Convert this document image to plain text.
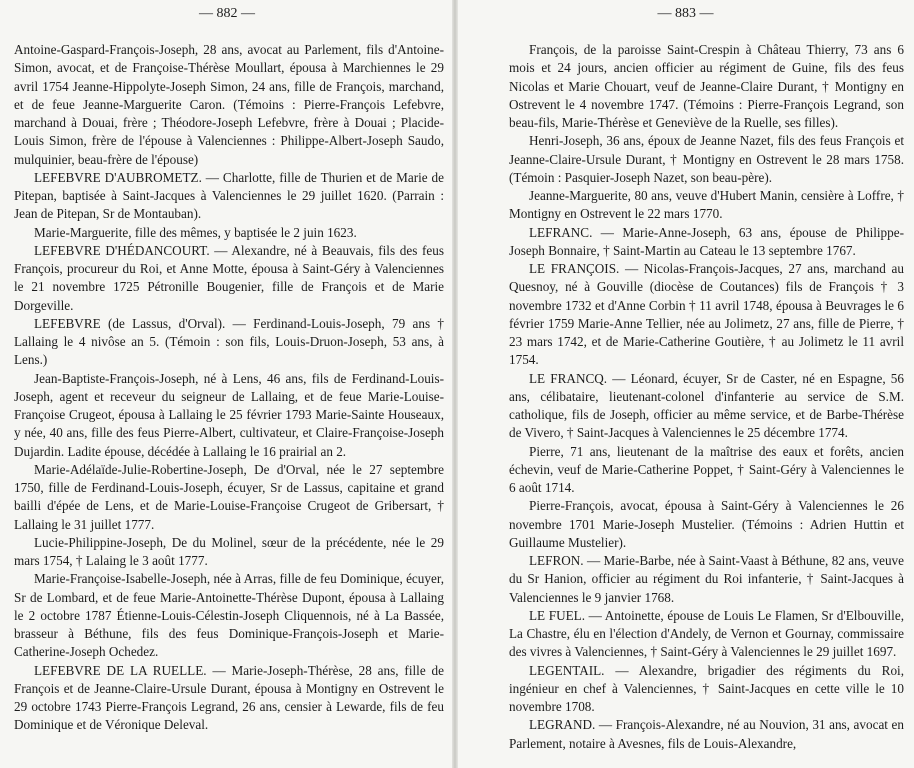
— 882 —

Antoine-Gaspard-François-Joseph, 28 ans, avocat au Parlement, fils d'Antoine-Simon, avocat, et de Françoise-Thérèse Moullart, épousa à Marchiennes le 29 avril 1754 Jeanne-Hippolyte-Joseph Simon, 24 ans, fille de François, marchand, et de feue Jeanne-Marguerite Caron. (Témoins : Pierre-François Lefebvre, marchand à Douai, frère ; Théodore-Joseph Lefebvre, frère à Douai ; Placide-Louis Simon, frère de l'épouse à Valenciennes : Philippe-Albert-Joseph Saudo, mulquinier, beau-frère de l'épouse)

LEFEBVRE D'AUBROMETZ. — Charlotte, fille de Thurien et de Marie de Pitepan, baptisée à Saint-Jacques à Valenciennes le 29 juillet 1620. (Parrain : Jean de Pitepan, Sr de Montauban).

Marie-Marguerite, fille des mêmes, y baptisée le 2 juin 1623.

LEFEBVRE D'HÉDANCOURT. — Alexandre, né à Beauvais, fils des feus François, procureur du Roi, et Anne Motte, épousa à Saint-Géry à Valenciennes le 21 novembre 1725 Pétronille Bougenier, fille de François et de Marie Dorgeville.

LEFEBVRE (de Lassus, d'Orval). — Ferdinand-Louis-Joseph, 79 ans † Lallaing le 4 nivôse an 5. (Témoin : son fils, Louis-Druon-Joseph, 53 ans, à Lens.)

Jean-Baptiste-François-Joseph, né à Lens, 46 ans, fils de Ferdinand-Louis-Joseph, agent et receveur du seigneur de Lallaing, et de feue Marie-Louise-Françoise Crugeot, épousa à Lallaing le 25 février 1793 Marie-Sainte Houseaux, y née, 40 ans, fille des feus Pierre-Albert, cultivateur, et Claire-Françoise-Joseph Dujardin. Ladite épouse, décédée à Lallaing le 16 prairial an 2.

Marie-Adélaïde-Julie-Robertine-Joseph, De d'Orval, née le 27 septembre 1750, fille de Ferdinand-Louis-Joseph, écuyer, Sr de Lassus, capitaine et grand bailli d'épée de Lens, et de Marie-Louise-Françoise Crugeot de Gribersart, † Lallaing le 31 juillet 1777.

Lucie-Philippine-Joseph, De du Molinel, sœur de la précédente, née le 29 mars 1754, † Lalaing le 3 août 1777.

Marie-Françoise-Isabelle-Joseph, née à Arras, fille de feu Dominique, écuyer, Sr de Lombard, et de feue Marie-Antoinette-Thérèse Dupont, épousa à Lallaing le 2 octobre 1787 Étienne-Louis-Célestin-Joseph Cliquennois, né à La Bassée, brasseur à Béthune, fils des feus Dominique-François-Joseph et Marie-Catherine-Joseph Ochedez.

LEFEBVRE DE LA RUELLE. — Marie-Joseph-Thérèse, 28 ans, fille de François et de Jeanne-Claire-Ursule Durant, épousa à Montigny en Ostrevent le 29 octobre 1743 Pierre-François Legrand, 26 ans, censier à Lewarde, fils de feu Dominique et de Véronique Deleval.

— 883 —

François, de la paroisse Saint-Crespin à Château Thierry, 73 ans 6 mois et 24 jours, ancien officier au régiment de Guine, fils des feus Nicolas et Marie Chouart, veuf de Jeanne-Claire Durant, † Montigny en Ostrevent le 4 novembre 1747. (Témoins : Pierre-François Legrand, son beau-fils, Marie-Thérèse et Geneviève de la Ruelle, ses filles).

Henri-Joseph, 36 ans, époux de Jeanne Nazet, fils des feus François et Jeanne-Claire-Ursule Durant, † Montigny en Ostrevent le 28 mars 1758. (Témoin : Pasquier-Joseph Nazet, son beau-père).

Jeanne-Marguerite, 80 ans, veuve d'Hubert Manin, censière à Loffre, † Montigny en Ostrevent le 22 mars 1770.

LEFRANC. — Marie-Anne-Joseph, 63 ans, épouse de Philippe-Joseph Bonnaire, † Saint-Martin au Cateau le 13 septembre 1767.

LE FRANÇOIS. — Nicolas-François-Jacques, 27 ans, marchand au Quesnoy, né à Gouville (diocèse de Coutances) fils de François † 3 novembre 1732 et d'Anne Corbin † 11 avril 1748, épousa à Beuvrages le 6 février 1759 Marie-Anne Tellier, née au Jolimetz, 27 ans, fille de Pierre, † 23 mars 1742, et de Marie-Catherine Goutière, † au Jolimetz le 11 avril 1754.

LE FRANCQ. — Léonard, écuyer, Sr de Caster, né en Espagne, 56 ans, célibataire, lieutenant-colonel d'infanterie au service de S.M. catholique, fils de Joseph, officier au même service, et de Barbe-Thérèse de Vivero, † Saint-Jacques à Valenciennes le 25 décembre 1774.

Pierre, 71 ans, lieutenant de la maîtrise des eaux et forêts, ancien échevin, veuf de Marie-Catherine Poppet, † Saint-Géry à Valenciennes le 6 août 1714.

Pierre-François, avocat, épousa à Saint-Géry à Valenciennes le 26 novembre 1701 Marie-Joseph Mustelier. (Témoins : Adrien Huttin et Guillaume Mustelier).

LEFRON. — Marie-Barbe, née à Saint-Vaast à Béthune, 82 ans, veuve du Sr Hanion, officier au régiment du Roi infanterie, † Saint-Jacques à Valenciennes le 9 janvier 1768.

LE FUEL. — Antoinette, épouse de Louis Le Flamen, Sr d'Elbouville, La Chastre, élu en l'élection d'Andely, de Vernon et Gournay, commissaire des vivres à Valenciennes, † Saint-Géry à Valenciennes le 29 juillet 1697.

LEGENTAIL. — Alexandre, brigadier des régiments du Roi, ingénieur en chef à Valenciennes, † Saint-Jacques en cette ville le 10 novembre 1708.

LEGRAND. — François-Alexandre, né au Nouvion, 31 ans, avocat en Parlement, notaire à Avesnes, fils de Louis-Alexandre,
